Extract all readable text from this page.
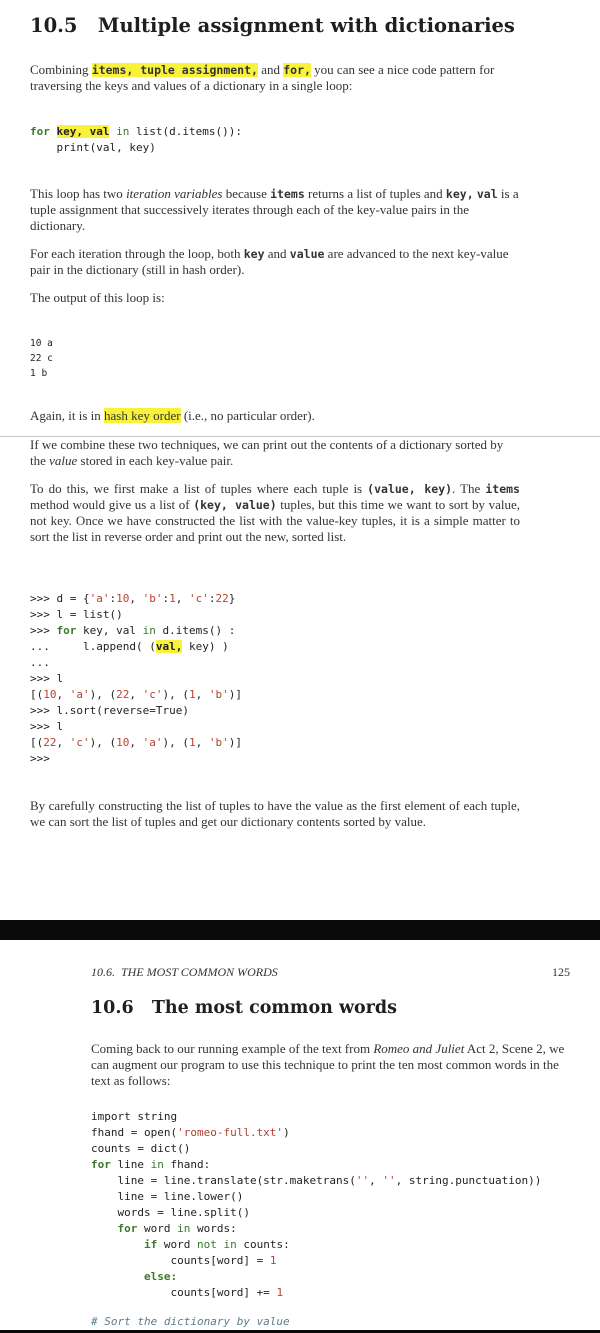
10.5   Multiple assignment with dictionaries

Combining items, tuple assignment, and for, you can see a nice code pattern for traversing the keys and values of a dictionary in a single loop:

for key, val in list(d.items()):
print(val, key)

This loop has two iteration variables because items returns a list of tuples and key, val is a tuple assignment that successively iterates through each of the key-value pairs in the dictionary.

For each iteration through the loop, both key and value are advanced to the next key-value pair in the dictionary (still in hash order).

The output of this loop is:

10 a
22 c
1 b

Again, it is in hash key order (i.e., no particular order).

If we combine these two techniques, we can print out the contents of a dictionary sorted by the value stored in each key-value pair.

To do this, we first make a list of tuples where each tuple is (value, key). The items method would give us a list of (key, value) tuples, but this time we want to sort by value, not key. Once we have constructed the list with the value-key tuples, it is a simple matter to sort the list in reverse order and print out the new, sorted list.

>>> d = {'a':10, 'b':1, 'c':22}
>>> l = list()
>>> for key, val in d.items() :
...     l.append( (val, key) )
...
>>> l
[(10, 'a'), (22, 'c'), (1, 'b')]
>>> l.sort(reverse=True)
>>> l
[(22, 'c'), (10, 'a'), (1, 'b')]
>>>

By carefully constructing the list of tuples to have the value as the first element of each tuple, we can sort the list of tuples and get our dictionary contents sorted by value.

10.6.  THE MOST COMMON WORDS	125
10.6   The most common words

Coming back to our running example of the text from Romeo and Juliet Act 2, Scene 2, we can augment our program to use this technique to print the ten most common words in the text as follows:

import string
fhand = open('romeo-full.txt')
counts = dict()
for line in fhand:
line = line.translate(str.maketrans('', '', string.punctuation))
line = line.lower()
words = line.split()
for word in words:
if word not in counts:
counts[word] = 1
else:
counts[word] += 1
# Sort the dictionary by value
